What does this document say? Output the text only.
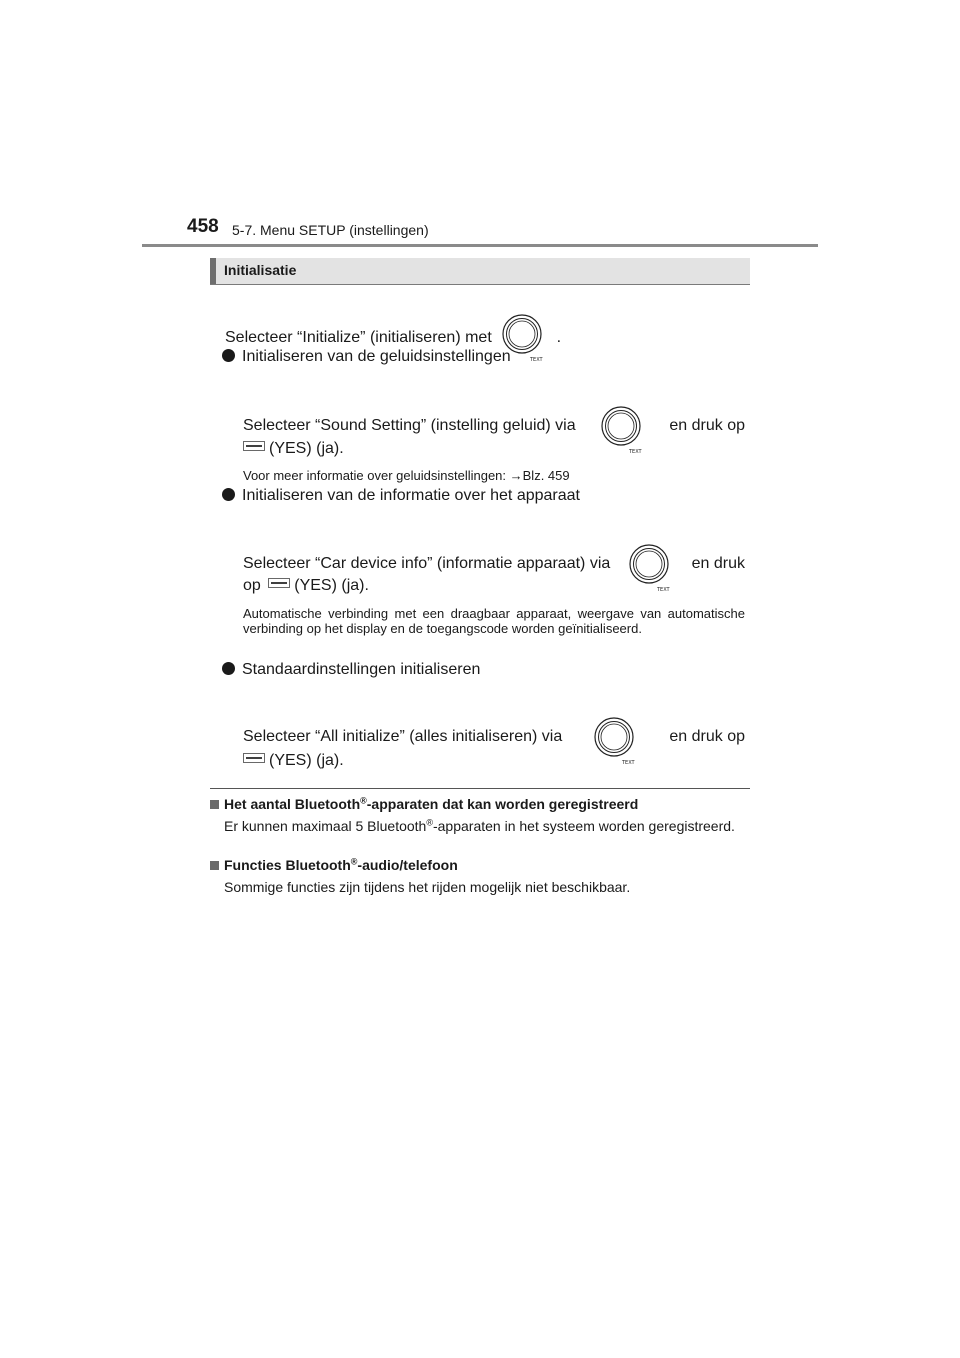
458 5-7. Menu SETUP (instellingen)
Initialisatie
Selecteer “Initialize” (initialiseren) met
TEXT
.
Initialiseren van de geluidsinstellingen
Selecteer “Sound Setting” (instelling geluid) via
TEXT
en druk op
(YES) (ja).
Voor meer informatie over geluidsinstellingen: →Blz. 459
Initialiseren van de informatie over het apparaat
Selecteer “Car device info” (informatie apparaat) via
TEXT
en druk
op (YES) (ja).
Automatische verbinding met een draagbaar apparaat, weergave van automatische verbinding op het display en de toegangscode worden geïnitialiseerd.
Standaardinstellingen initialiseren
Selecteer “All initialize” (alles initialiseren) via
TEXT
en druk op
(YES) (ja).
Het aantal Bluetooth®-apparaten dat kan worden geregistreerd
Er kunnen maximaal 5 Bluetooth®-apparaten in het systeem worden geregistreerd.
Functies Bluetooth®-audio/telefoon
Sommige functies zijn tijdens het rijden mogelijk niet beschikbaar.
